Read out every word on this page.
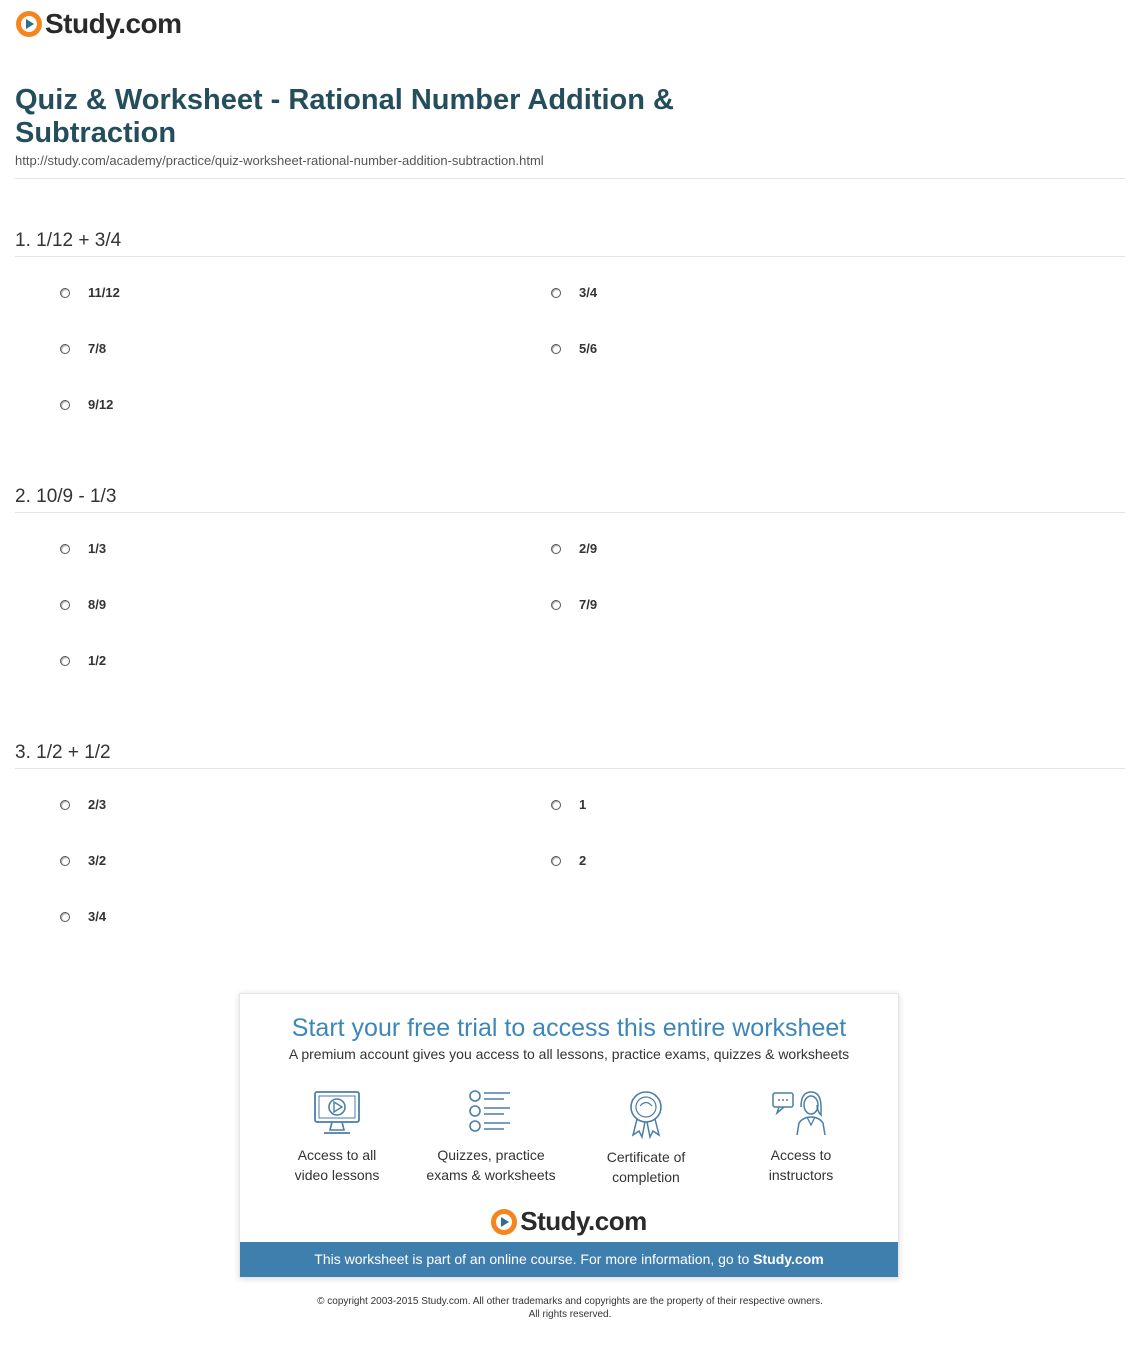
Study.com
Quiz & Worksheet - Rational Number Addition & Subtraction
http://study.com/academy/practice/quiz-worksheet-rational-number-addition-subtraction.html
1. 1/12 + 3/4
11/12	3/4
7/8	5/6
9/12
2. 10/9 - 1/3
1/3	2/9
8/9	7/9
1/2
3. 1/2 + 1/2
2/3	1
3/2	2
3/4
Start your free trial to access this entire worksheet
A premium account gives you access to all lessons, practice exams, quizzes & worksheets
Access to all
video lessons
Quizzes, practice
exams & worksheets
Certificate of
completion
Access to
instructors
Study.com
This worksheet is part of an online course. For more information, go to Study.com
© copyright 2003-2015 Study.com. All other trademarks and copyrights are the property of their respective owners.
All rights reserved.
